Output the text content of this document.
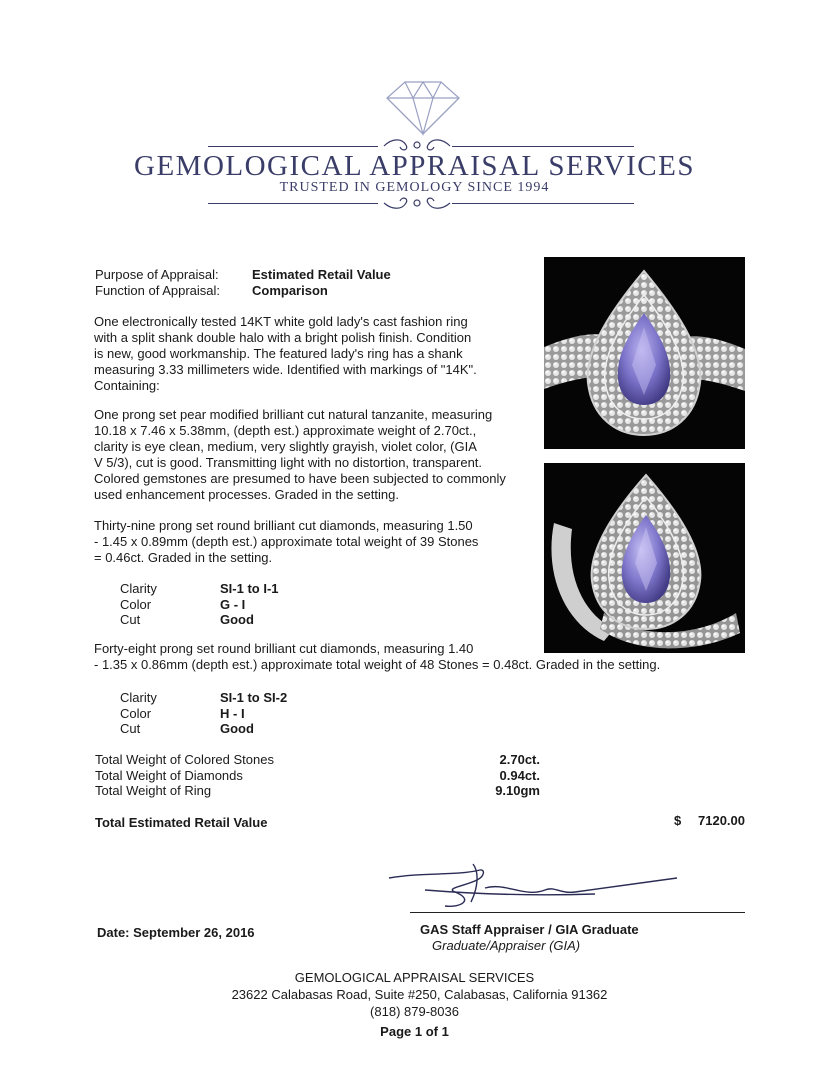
GEMOLOGICAL APPRAISAL SERVICES
TRUSTED IN GEMOLOGY SINCE 1994
Purpose of Appraisal:	Estimated Retail Value
Function of Appraisal: Comparison
One electronically tested 14KT white gold lady's cast fashion ring
with a split shank double halo with a bright polish finish. Condition
is new, good workmanship. The featured lady's ring has a shank
measuring 3.33 millimeters wide. Identified with markings of "14K".
Containing:
One prong set pear modified brilliant cut natural tanzanite, measuring
10.18 x 7.46 x 5.38mm, (depth est.) approximate weight of 2.70ct.,
clarity is eye clean, medium, very slightly grayish, violet color, (GIA
V 5/3), cut is good. Transmitting light with no distortion, transparent.
Colored gemstones are presumed to have been subjected to commonly
used enhancement processes. Graded in the setting.
Thirty-nine prong set round brilliant cut diamonds, measuring 1.50
- 1.45 x 0.89mm (depth est.) approximate total weight of 39 Stones
= 0.46ct. Graded in the setting.
Clarity	SI-1 to I-1
Color	G - I
Cut	Good
Forty-eight prong set round brilliant cut diamonds, measuring 1.40
- 1.35 x 0.86mm (depth est.) approximate total weight of 48 Stones = 0.48ct. Graded in the setting.
Clarity	SI-1 to SI-2
Color	H - I
Cut	Good
Total Weight of Colored Stones	2.70ct.
Total Weight of Diamonds	0.94ct.
Total Weight of Ring	9.10gm
Total Estimated Retail Value	$	7120.00
Date: September 26, 2016	GAS Staff Appraiser / GIA Graduate
Graduate/Appraiser (GIA)
GEMOLOGICAL APPRAISAL SERVICES
23622 Calabasas Road, Suite #250, Calabasas, California 91362
(818) 879-8036
Page 1 of 1
